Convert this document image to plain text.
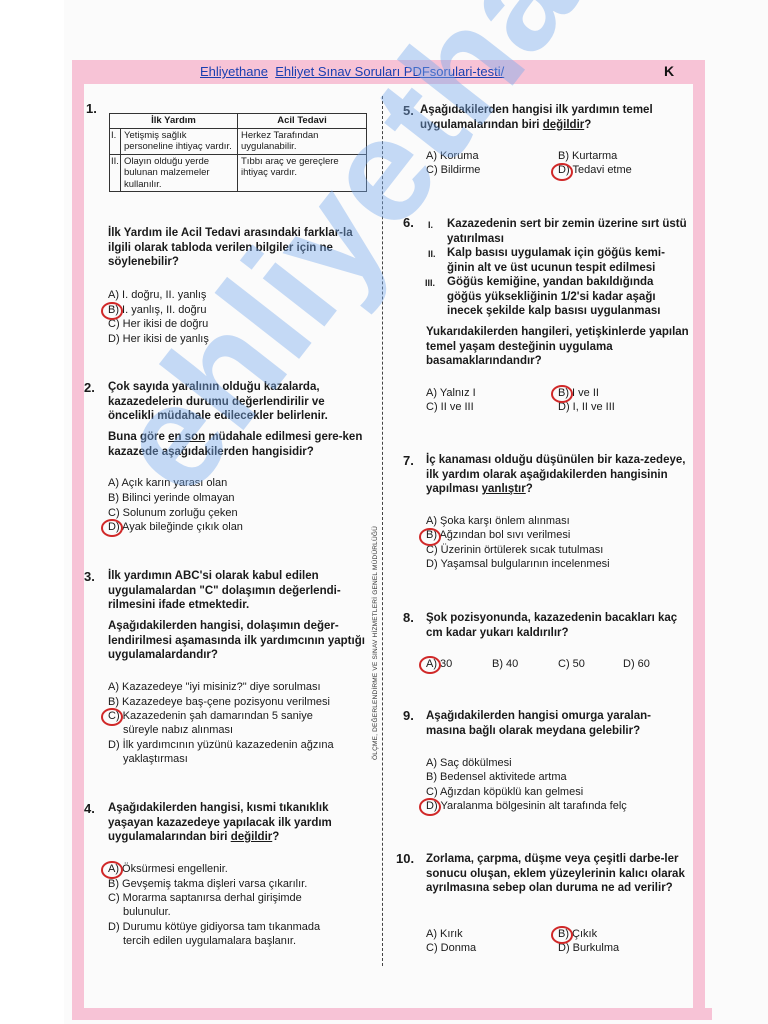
Ehliyethane Ehliyet Sınav Soruları PDFsorulari-testi/	K
ÖLÇME, DEĞERLENDİRME VE SINAV HİZMETLERİ GENEL MÜDÜRLÜĞÜ
1.
İlk Yardım		Acil Tedavi
I.	Yetişmiş sağlık personeline ihtiyaç vardır.	Herkez Tarafından uygulanabilir.
II.	Olayın olduğu yerde bulunan malzemeler kullanılır.	Tıbbı araç ve gereçlere ihtiyaç vardır.
İlk Yardım ile Acil Tedavi arasındaki farklar-la ilgili olarak tabloda verilen bilgiler için ne söylenebilir?
A) I. doğru, II. yanlış
B) I. yanlış, II. doğru
C) Her ikisi de doğru
D) Her ikisi de yanlış
2. Çok sayıda yaralının olduğu kazalarda, kazazedelerin durumu değerlendirilir ve öncelikli müdahale edilecekler belirlenir.
Buna göre en son müdahale edilmesi gere-ken kazazede aşağıdakilerden hangisidir?
A) Açık karın yarası olan
B) Bilinci yerinde olmayan
C) Solunum zorluğu çeken
D) Ayak bileğinde çıkık olan
3. İlk yardımın ABC'si olarak kabul edilen uygulamalardan "C" dolaşımın değerlendi-rilmesini ifade etmektedir.
Aşağıdakilerden hangisi, dolaşımın değer-lendirilmesi aşamasında ilk yardımcının yaptığı uygulamalardandır?
A) Kazazedeye "iyi misiniz?" diye sorulması
B) Kazazedeye baş-çene pozisyonu verilmesi
C) Kazazedenin şah damarından 5 saniye
süreyle nabız alınması
D) İlk yardımcının yüzünü kazazedenin ağzına
yaklaştırması
4. Aşağıdakilerden hangisi, kısmi tıkanıklık yaşayan kazazedeye yapılacak ilk yardım uygulamalarından biri değildir?
A) Öksürmesi engellenir.
B) Gevşemiş takma dişleri varsa çıkarılır.
C) Morarma saptanırsa derhal girişimde
bulunulur.
D) Durumu kötüye gidiyorsa tam tıkanmada
tercih edilen uygulamalara başlanır.
5. Aşağıdakilerden hangisi ilk yardımın temel uygulamalarından biri değildir?
A) Koruma	B) Kurtarma
C) Bildirme	D) Tedavi etme
6. I. Kazazedenin sert bir zemin üzerine sırt üstü yatırılması
II. Kalp basısı uygulamak için göğüs kemi-ğinin alt ve üst ucunun tespit edilmesi
III. Göğüs kemiğine, yandan bakıldığında göğüs yüksekliğinin 1/2'si kadar aşağı inecek şekilde kalp basısı uygulanması
Yukarıdakilerden hangileri, yetişkinlerde yapılan temel yaşam desteğinin uygulama basamaklarındandır?
A) Yalnız I	B) I ve II
C) II ve III	D) I, II ve III
7. İç kanaması olduğu düşünülen bir kaza-zedeye, ilk yardım olarak aşağıdakilerden hangisinin yapılması yanlıştır?
A) Şoka karşı önlem alınması
B) Ağzından bol sıvı verilmesi
C) Üzerinin örtülerek sıcak tutulması
D) Yaşamsal bulgularının incelenmesi
8. Şok pozisyonunda, kazazedenin bacakları kaç cm kadar yukarı kaldırılır?
A) 30	B) 40	C) 50	D) 60
9. Aşağıdakilerden hangisi omurga yaralan-masına bağlı olarak meydana gelebilir?
A) Saç dökülmesi
B) Bedensel aktivitede artma
C) Ağızdan köpüklü kan gelmesi
D) Yaralanma bölgesinin alt tarafında felç
10. Zorlama, çarpma, düşme veya çeşitli darbe-ler sonucu oluşan, eklem yüzeylerinin kalıcı olarak ayrılmasına sebep olan duruma ne ad verilir?
A) Kırık	B) Çıkık
C) Donma	D) Burkulma
